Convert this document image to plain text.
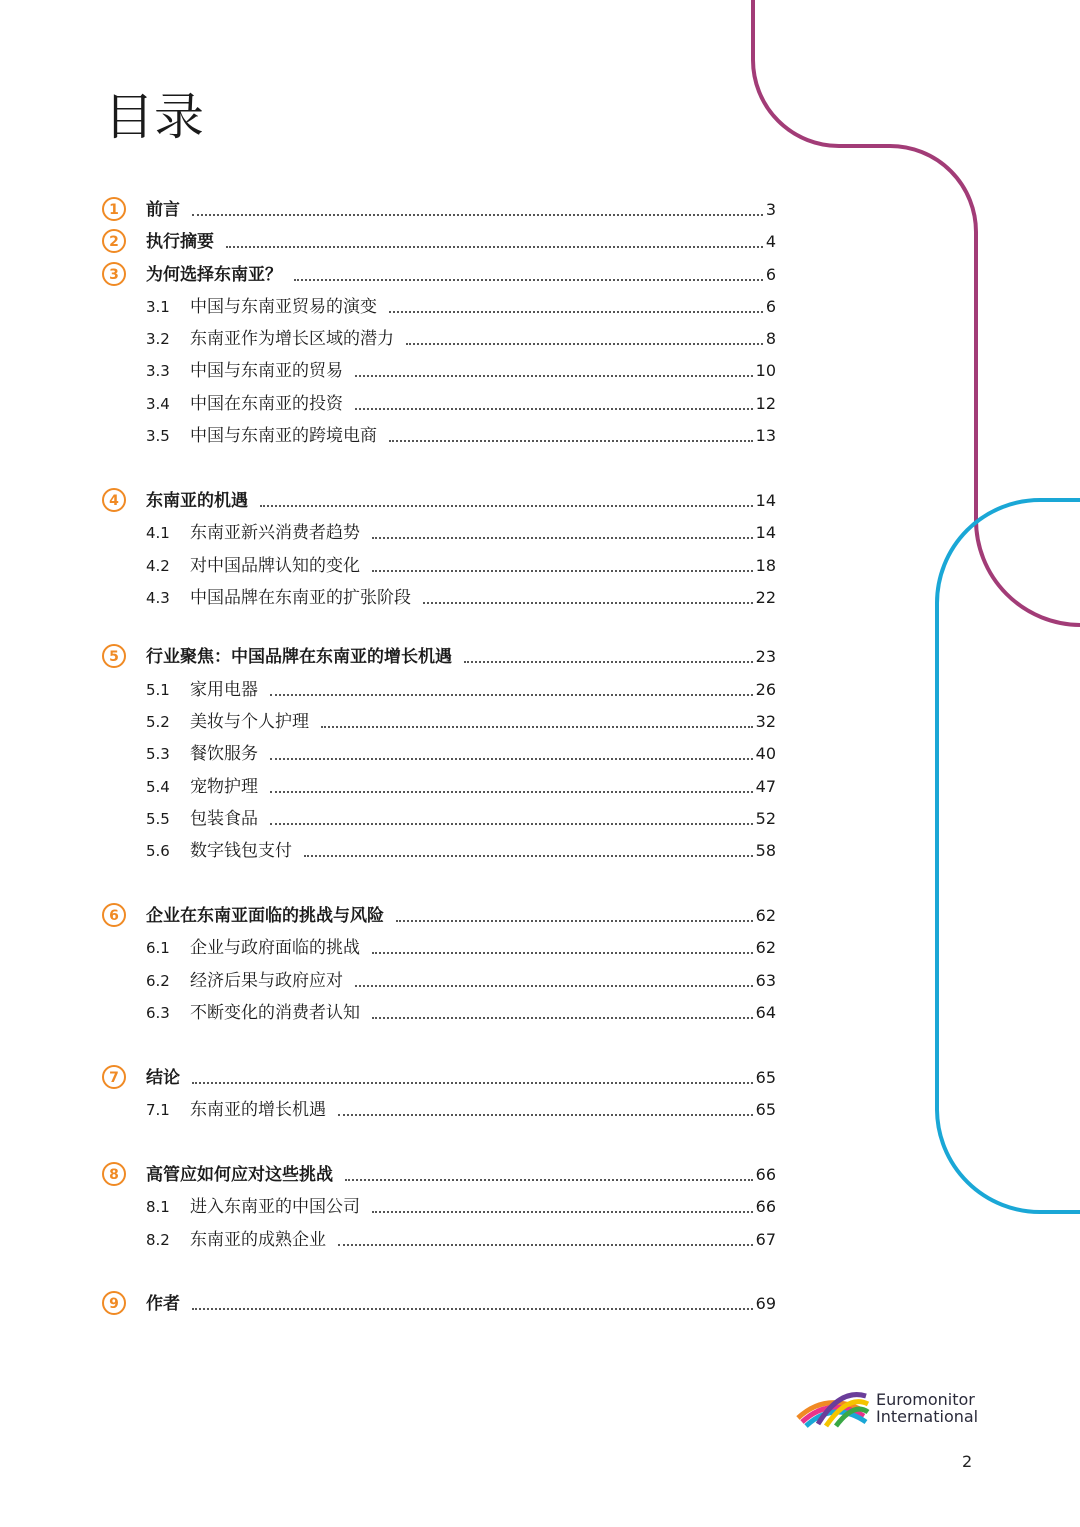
目录
1	前言	3
2	执行摘要	4
3	为何选择东南亚？	6
3.1	中国与东南亚贸易的演变	6
3.2	东南亚作为增长区域的潜力	8
3.3	中国与东南亚的贸易	10
3.4	中国在东南亚的投资	12
3.5	中国与东南亚的跨境电商	13
4	东南亚的机遇	14
4.1	东南亚新兴消费者趋势	14
4.2	对中国品牌认知的变化	18
4.3	中国品牌在东南亚的扩张阶段	22
5	行业聚焦：中国品牌在东南亚的增长机遇	23
5.1	家用电器	26
5.2	美妆与个人护理	32
5.3	餐饮服务	40
5.4	宠物护理	47
5.5	包装食品	52
5.6	数字钱包支付	58
6	企业在东南亚面临的挑战与风险	62
6.1	企业与政府面临的挑战	62
6.2	经济后果与政府应对	63
6.3	不断变化的消费者认知	64
7	结论	65
7.1	东南亚的增长机遇	65
8	高管应如何应对这些挑战	66
8.1	进入东南亚的中国公司	66
8.2	东南亚的成熟企业	67
9	作者	69
Euromonitor
International
2
